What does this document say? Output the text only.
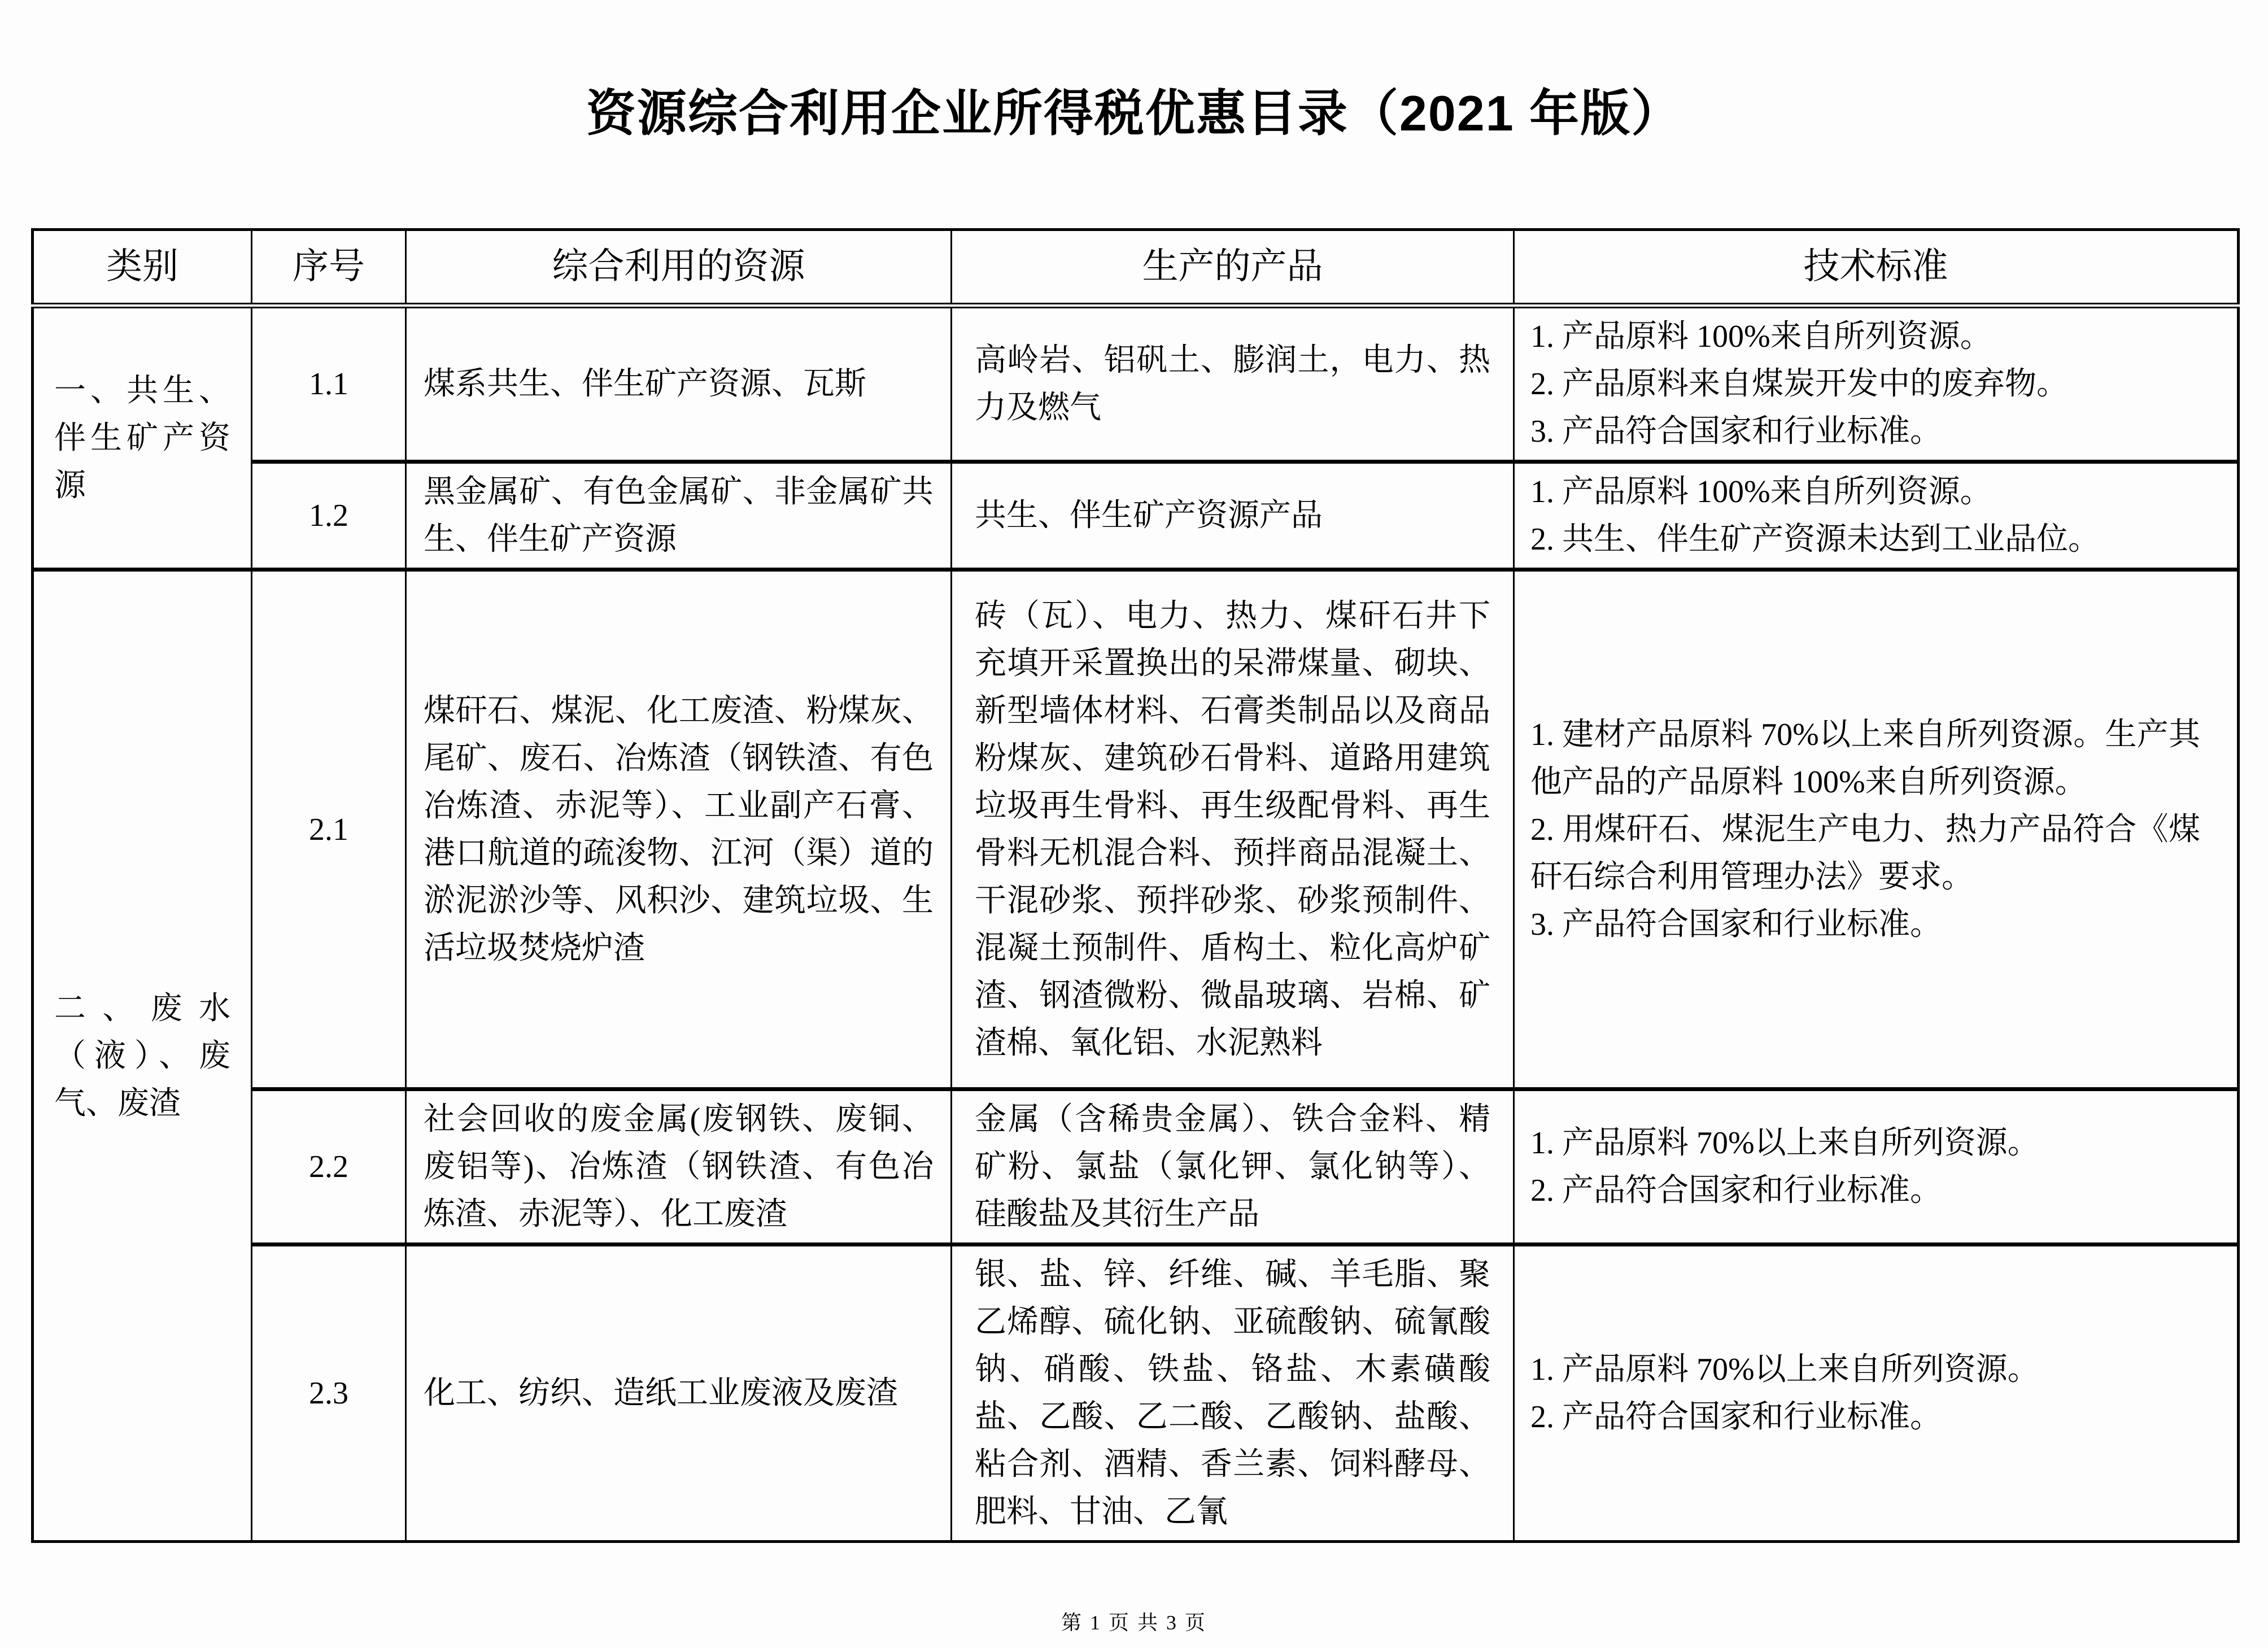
资源综合利用企业所得税优惠目录（2021 年版）
类别	序号	综合利用的资源	生产的产品	技术标准
一、共生、伴生矿产资源	1.1	煤系共生、伴生矿产资源、瓦斯	高岭岩、铝矾土、膨润土，电力、热力及燃气	1. 产品原料 100%来自所列资源。
2. 产品原料来自煤炭开发中的废弃物。
3. 产品符合国家和行业标准。

	1.2	黑金属矿、有色金属矿、非金属矿共生、伴生矿产资源	共生、伴生矿产资源产品	1. 产品原料 100%来自所列资源。
2. 共生、伴生矿产资源未达到工业品位。

二、废水（液）、废气、废渣	2.1	煤矸石、煤泥、化工废渣、粉煤灰、尾矿、废石、冶炼渣（钢铁渣、有色冶炼渣、赤泥等）、工业副产石膏、港口航道的疏浚物、江河（渠）道的淤泥淤沙等、风积沙、建筑垃圾、生活垃圾焚烧炉渣	砖（瓦）、电力、热力、煤矸石井下充填开采置换出的呆滞煤量、砌块、新型墙体材料、石膏类制品以及商品粉煤灰、建筑砂石骨料、道路用建筑垃圾再生骨料、再生级配骨料、再生骨料无机混合料、预拌商品混凝土、干混砂浆、预拌砂浆、砂浆预制件、混凝土预制件、盾构土、粒化高炉矿渣、钢渣微粉、微晶玻璃、岩棉、矿渣棉、氧化铝、水泥熟料	1. 建材产品原料 70%以上来自所列资源。生产其他产品的产品原料 100%来自所列资源。
2. 用煤矸石、煤泥生产电力、热力产品符合《煤矸石综合利用管理办法》要求。
3. 产品符合国家和行业标准。

	2.2	社会回收的废金属(废钢铁、废铜、废铝等)、冶炼渣（钢铁渣、有色冶炼渣、赤泥等）、化工废渣	金属（含稀贵金属）、铁合金料、精矿粉、氯盐（氯化钾、氯化钠等）、硅酸盐及其衍生产品	1. 产品原料 70%以上来自所列资源。
2. 产品符合国家和行业标准。

	2.3	化工、纺织、造纸工业废液及废渣	银、盐、锌、纤维、碱、羊毛脂、聚乙烯醇、硫化钠、亚硫酸钠、硫氰酸钠、硝酸、铁盐、铬盐、木素磺酸盐、乙酸、乙二酸、乙酸钠、盐酸、粘合剂、酒精、香兰素、饲料酵母、肥料、甘油、乙氰	1. 产品原料 70%以上来自所列资源。
2. 产品符合国家和行业标准。
第 1 页 共 3 页
